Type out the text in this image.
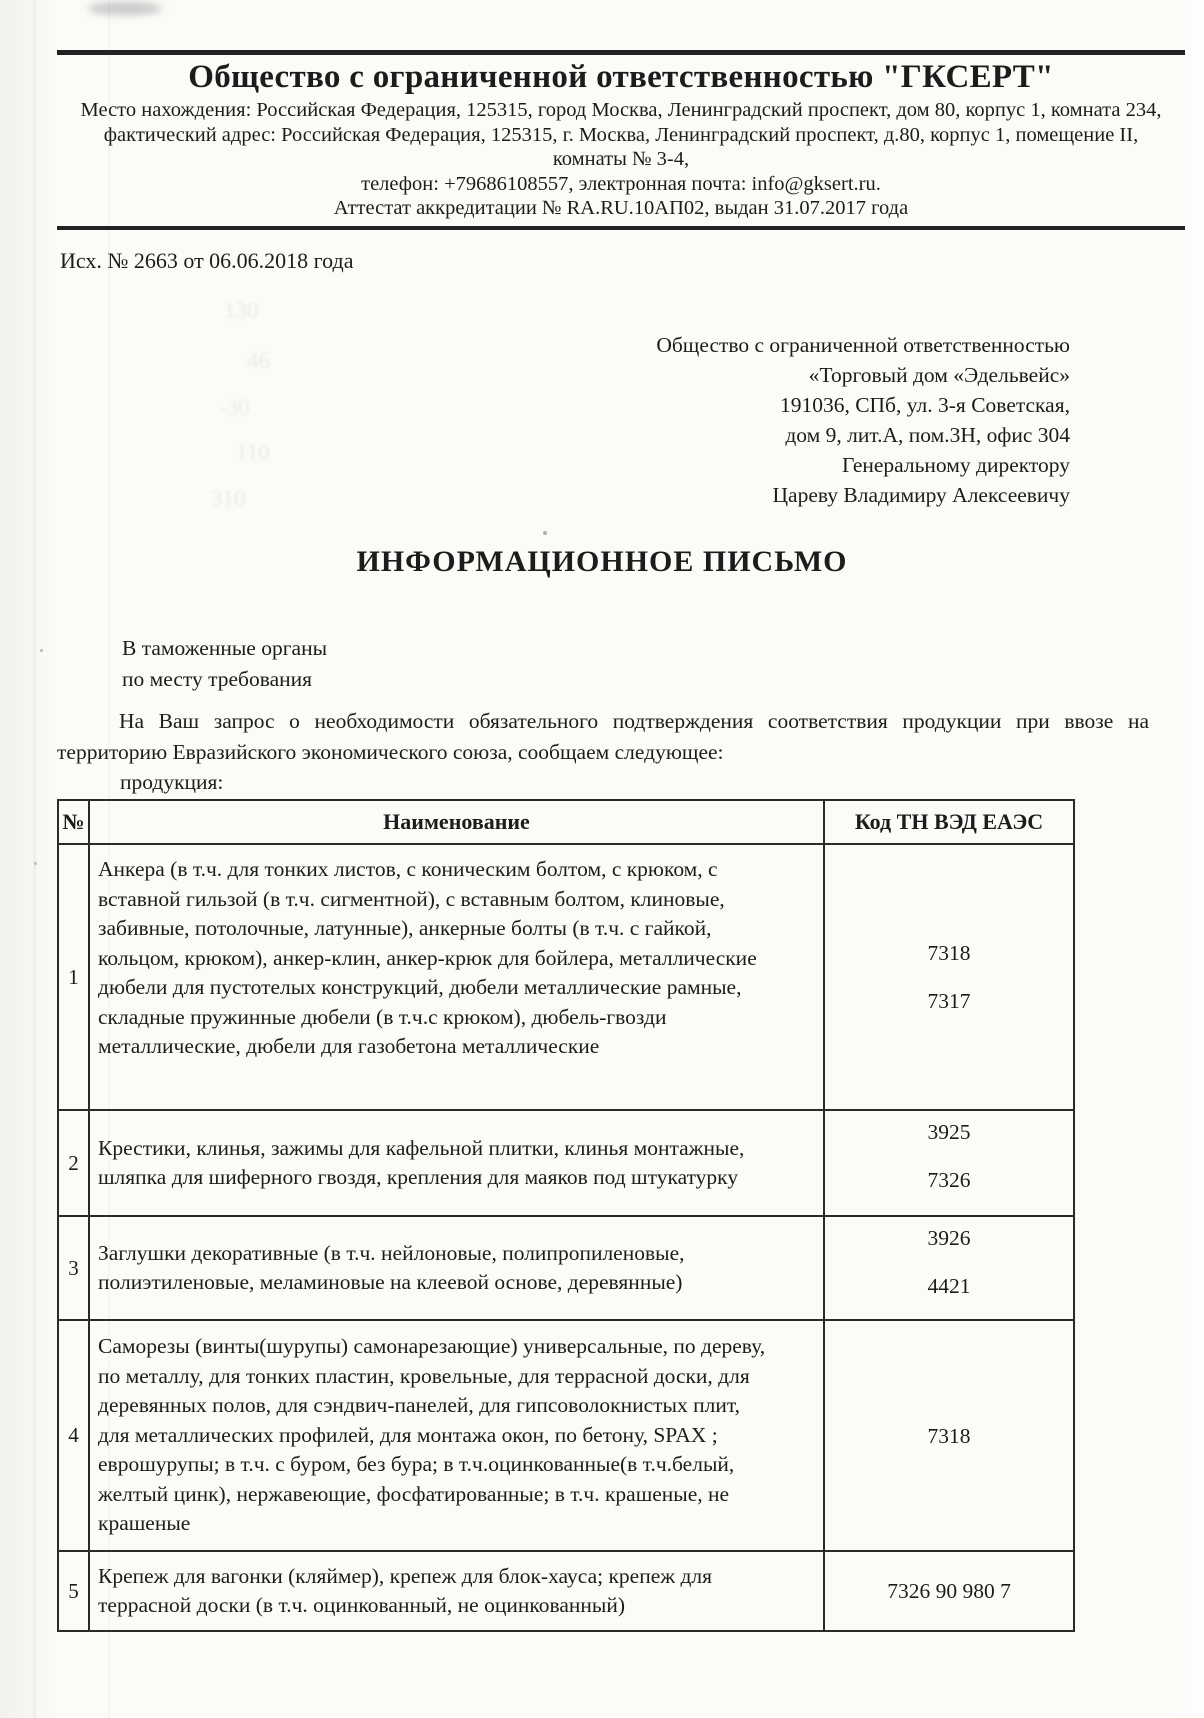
Общество с ограниченной ответственностью "ГКСЕРТ"
Место нахождения: Российская Федерация, 125315, город Москва, Ленинградский проспект, дом 80, корпус 1, комната 234,
фактический адрес: Российская Федерация, 125315, г. Москва, Ленинградский проспект, д.80, корпус 1, помещение II,
комнаты № 3-4,
телефон: +79686108557, электронная почта: info@gksert.ru.
Аттестат аккредитации № RA.RU.10АП02, выдан 31.07.2017 года
Исх. № 2663 от 06.06.2018 года
Общество с ограниченной ответственностью
«Торговый дом «Эдельвейс»
191036, СПб, ул. 3-я Советская,
дом 9, лит.А, пом.3Н, офис 304
Генеральному директору
Цареву Владимиру Алексеевичу
ИНФОРМАЦИОННОЕ ПИСЬМО
В таможенные органы
по месту требования

На Ваш запрос о необходимости обязательного подтверждения соответствия продукции при ввозе на территорию Евразийского экономического союза, сообщаем следующее:

продукция:
№	Наименование	Код ТН ВЭД ЕАЭС
1	Анкера (в т.ч. для тонких листов, с коническим болтом, с крюком, с вставной гильзой (в т.ч. сигментной), с вставным болтом, клиновые, забивные, потолочные, латунные), анкерные болты (в т.ч. с гайкой, кольцом, крюком), анкер-клин, анкер-крюк для бойлера, металлические дюбели для пустотелых конструкций, дюбели металлические рамные, складные пружинные дюбели (в т.ч.с крюком), дюбель-гвозди металлические, дюбели для газобетона металлические	7318
7317

2	Крестики, клинья, зажимы для кафельной плитки, клинья монтажные, шляпка для шиферного гвоздя, крепления для маяков под штукатурку	3925
7326

3	Заглушки декоративные (в т.ч. нейлоновые, полипропиленовые, полиэтиленовые, меламиновые на клеевой основе, деревянные)	3926
4421

4	Саморезы (винты(шурупы) самонарезающие) универсальные, по дереву, по металлу, для тонких пластин, кровельные, для террасной доски, для деревянных полов, для сэндвич-панелей, для гипсоволокнистых плит, для металлических профилей, для монтажа окон, по бетону, SPAX ; еврошурупы; в т.ч. с буром, без бура; в т.ч.оцинкованные(в т.ч.белый, желтый цинк), нержавеющие, фосфатированные; в т.ч. крашеные, не крашеные	7318

5	Крепеж для вагонки (кляймер), крепеж для блок-хауса; крепеж для террасной доски (в т.ч. оцинкованный, не оцинкованный)	7326 90 980 7
130
46
-30
110
310
